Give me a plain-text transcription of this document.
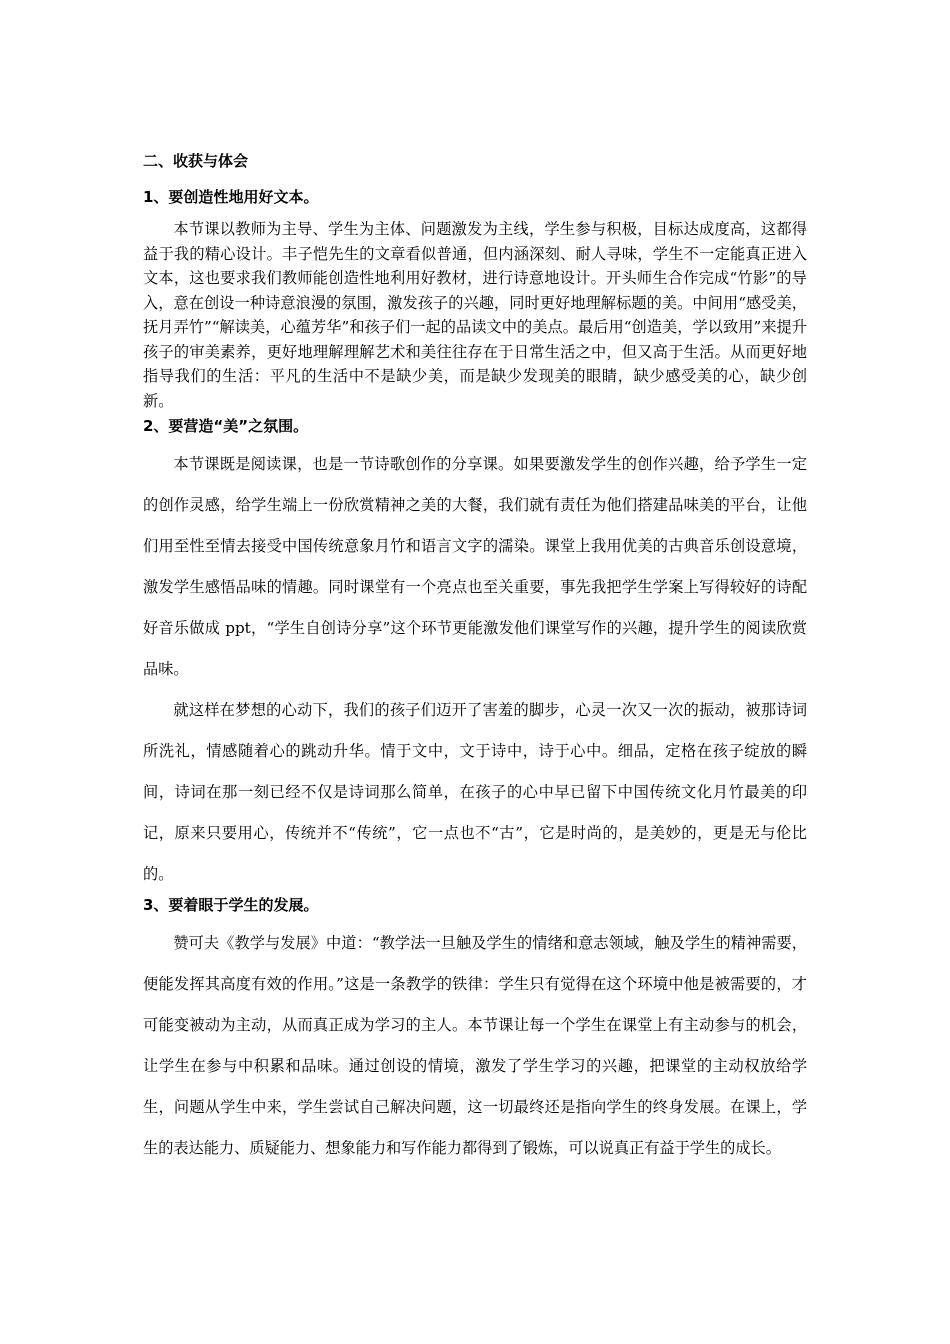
二、收获与体会
1、要创造性地用好文本。

本节课以教师为主导、学生为主体、问题激发为主线，学生参与积极，目标达成度高，这都得益于我的精心设计。丰子恺先生的文章看似普通，但内涵深刻、耐人寻味，学生不一定能真正进入文本，这也要求我们教师能创造性地利用好教材，进行诗意地设计。开头师生合作完成“竹影”的导入，意在创设一种诗意浪漫的氛围，激发孩子的兴趣，同时更好地理解标题的美。中间用“感受美，抚月弄竹”“解读美，心蕴芳华”和孩子们一起的品读文中的美点。最后用“创造美，学以致用”来提升孩子的审美素养，更好地理解理解艺术和美往往存在于日常生活之中，但又高于生活。从而更好地指导我们的生活：平凡的生活中不是缺少美，而是缺少发现美的眼睛，缺少感受美的心，缺少创新。

2、要营造“美”之氛围。

本节课既是阅读课，也是一节诗歌创作的分享课。如果要激发学生的创作兴趣，给予学生一定的创作灵感，给学生端上一份欣赏精神之美的大餐，我们就有责任为他们搭建品味美的平台，让他们用至性至情去接受中国传统意象月竹和语言文字的濡染。课堂上我用优美的古典音乐创设意境，激发学生感悟品味的情趣。同时课堂有一个亮点也至关重要，事先我把学生学案上写得较好的诗配好音乐做成 ppt，“学生自创诗分享”这个环节更能激发他们课堂写作的兴趣，提升学生的阅读欣赏品味。

就这样在梦想的心动下，我们的孩子们迈开了害羞的脚步，心灵一次又一次的振动，被那诗词所洗礼，情感随着心的跳动升华。情于文中，文于诗中，诗于心中。细品，定格在孩子绽放的瞬间，诗词在那一刻已经不仅是诗词那么简单，在孩子的心中早已留下中国传统文化月竹最美的印记，原来只要用心，传统并不“传统”，它一点也不“古”，它是时尚的，是美妙的，更是无与伦比的。

3、要着眼于学生的发展。

赞可夫《教学与发展》中道：“教学法一旦触及学生的情绪和意志领域，触及学生的精神需要，便能发挥其高度有效的作用。”这是一条教学的铁律：学生只有觉得在这个环境中他是被需要的，才可能变被动为主动，从而真正成为学习的主人。本节课让每一个学生在课堂上有主动参与的机会，让学生在参与中积累和品味。通过创设的情境，激发了学生学习的兴趣，把课堂的主动权放给学生，问题从学生中来，学生尝试自己解决问题，这一切最终还是指向学生的终身发展。在课上，学生的表达能力、质疑能力、想象能力和写作能力都得到了锻炼，可以说真正有益于学生的成长。
